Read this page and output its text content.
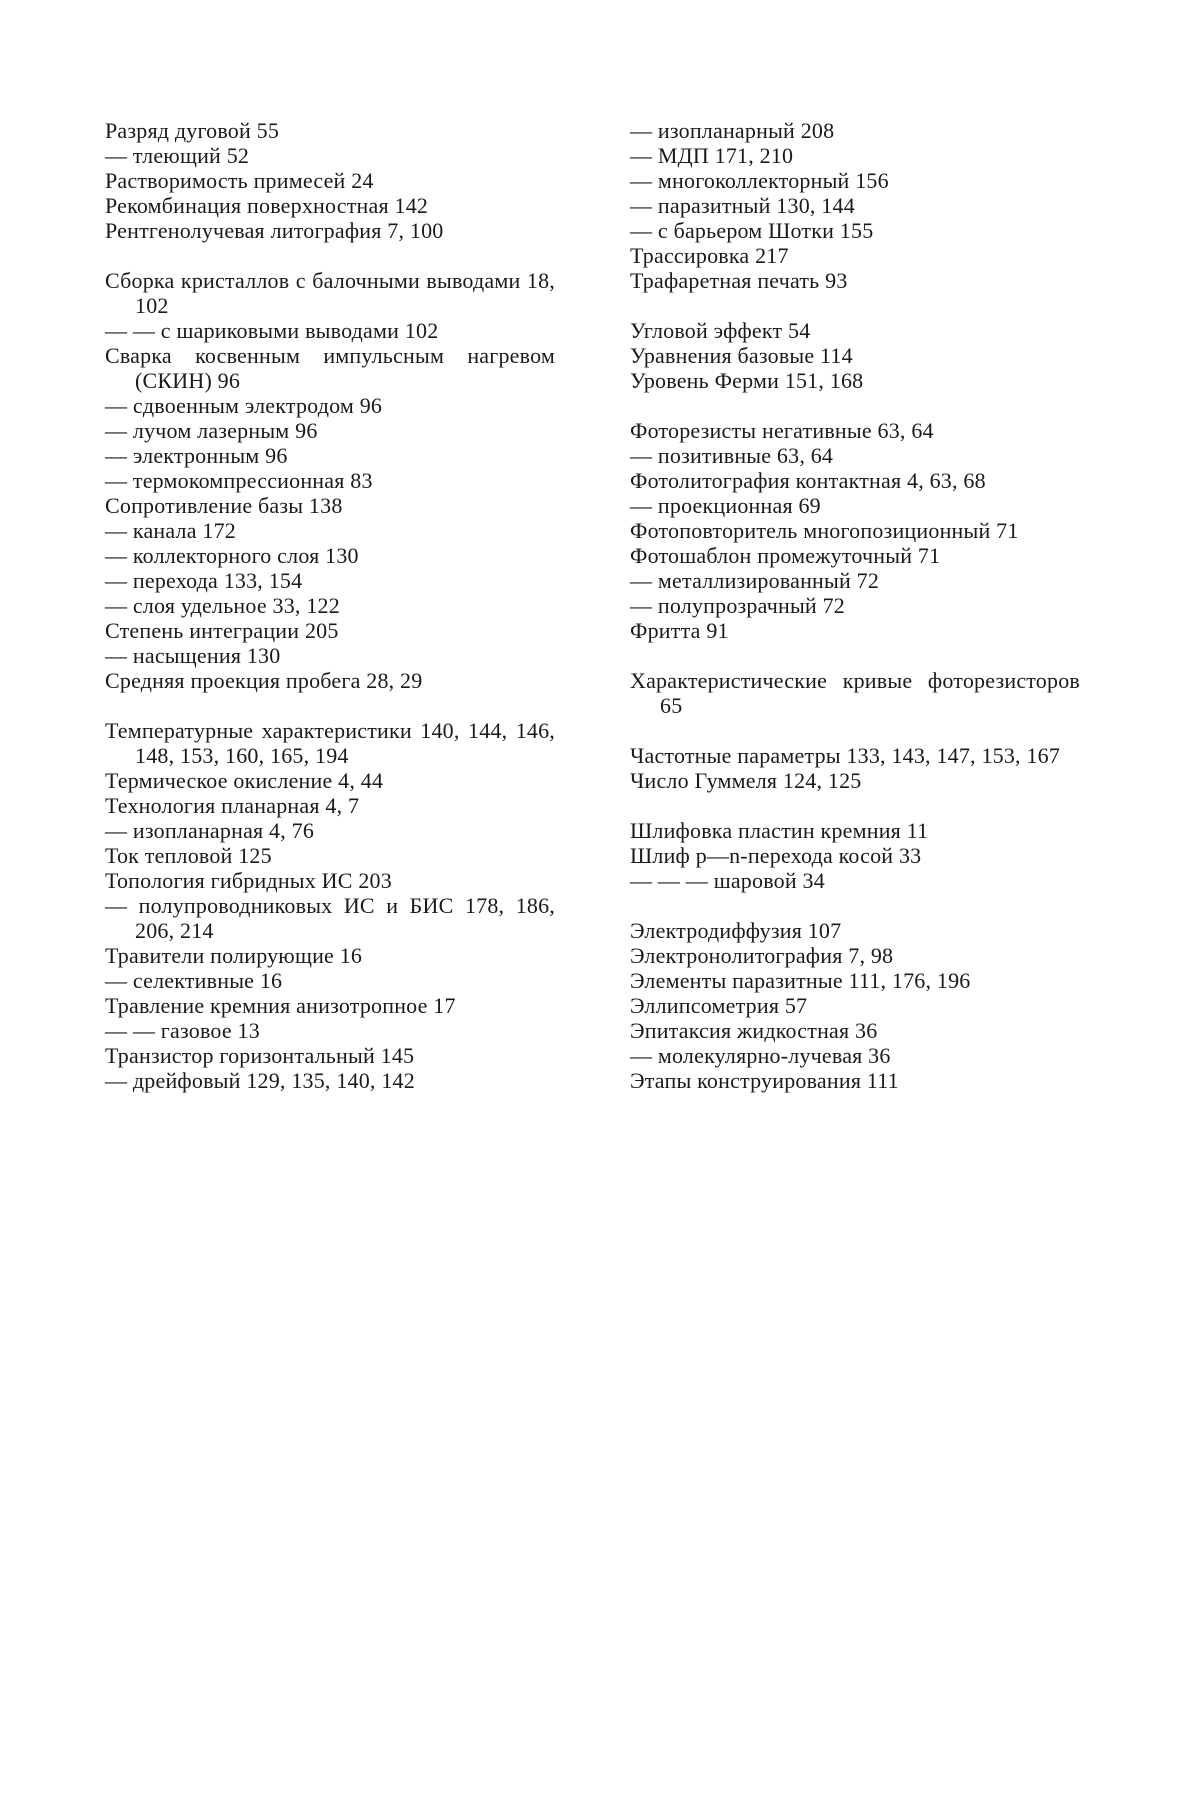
Разряд дуговой 55
— тлеющий 52
Растворимость примесей 24
Рекомбинация поверхностная 142
Рентгенолучевая литография 7, 100
Сборка кристаллов с балочными выводами 18, 102
— — с шариковыми выводами 102
Сварка косвенным импульсным нагревом (СКИН) 96
— сдвоенным электродом 96
— лучом лазерным 96
— электронным 96
— термокомпрессионная 83
Сопротивление базы 138
— канала 172
— коллекторного слоя 130
— перехода 133, 154
— слоя удельное 33, 122
Степень интеграции 205
— насыщения 130
Средняя проекция пробега 28, 29
Температурные характеристики 140, 144, 146, 148, 153, 160, 165, 194
Термическое окисление 4, 44
Технология планарная 4, 7
— изопланарная 4, 76
Ток тепловой 125
Топология гибридных ИС 203
— полупроводниковых ИС и БИС 178, 186, 206, 214
Травители полирующие 16
— селективные 16
Травление кремния анизотропное 17
— — газовое 13
Транзистор горизонтальный 145
— дрейфовый 129, 135, 140, 142
— изопланарный 208
— МДП 171, 210
— многоколлекторный 156
— паразитный 130, 144
— с барьером Шотки 155
Трассировка 217
Трафаретная печать 93
Угловой эффект 54
Уравнения базовые 114
Уровень Ферми 151, 168
Фоторезисты негативные 63, 64
— позитивные 63, 64
Фотолитография контактная 4, 63, 68
— проекционная 69
Фотоповторитель многопозиционный 71
Фотошаблон промежуточный 71
— металлизированный 72
— полупрозрачный 72
Фритта 91
Характеристические кривые фоторезисторов 65
Частотные параметры 133, 143, 147, 153, 167
Число Гуммеля 124, 125
Шлифовка пластин кремния 11
Шлиф p—n-перехода косой 33
— — — шаровой 34
Электродиффузия 107
Электронолитография 7, 98
Элементы паразитные 111, 176, 196
Эллипсометрия 57
Эпитаксия жидкостная 36
— молекулярно-лучевая 36
Этапы конструирования 111
